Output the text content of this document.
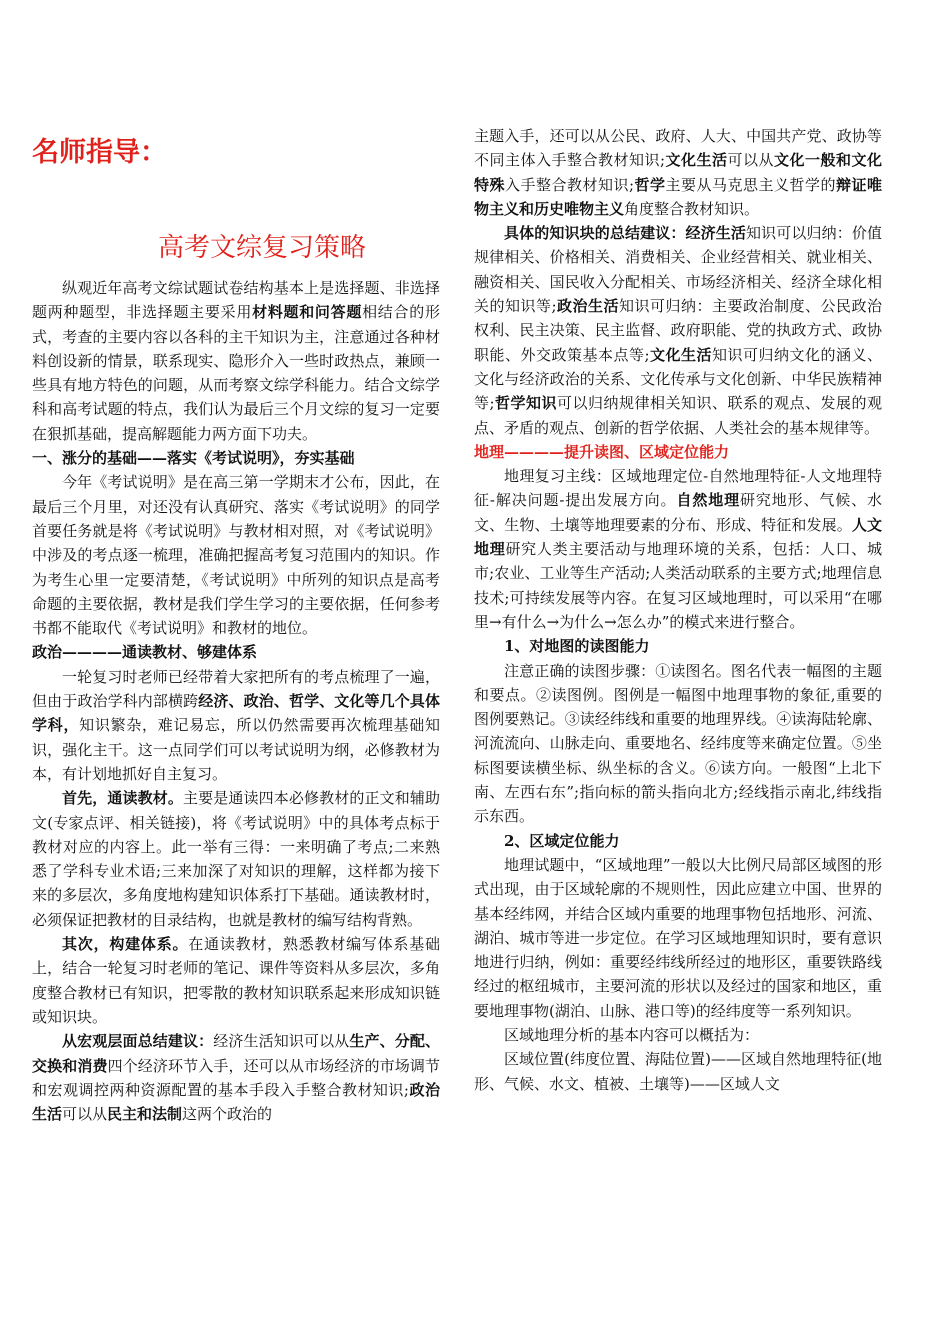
名师指导：
高考文综复习策略

纵观近年高考文综试题试卷结构基本上是选择题、非选择题两种题型，非选择题主要采用材料题和问答题相结合的形式，考查的主要内容以各科的主干知识为主，注意通过各种材料创设新的情景，联系现实、隐形介入一些时政热点，兼顾一些具有地方特色的问题，从而考察文综学科能力。结合文综学科和高考试题的特点，我们认为最后三个月文综的复习一定要在狠抓基础，提高解题能力两方面下功夫。

一、涨分的基础——落实《考试说明》，夯实基础

今年《考试说明》是在高三第一学期末才公布，因此，在最后三个月里，对还没有认真研究、落实《考试说明》的同学首要任务就是将《考试说明》与教材相对照，对《考试说明》中涉及的考点逐一梳理，准确把握高考复习范围内的知识。作为考生心里一定要清楚，《考试说明》中所列的知识点是高考命题的主要依据，教材是我们学生学习的主要依据，任何参考书都不能取代《考试说明》和教材的地位。

政治————通读教材、够建体系

一轮复习时老师已经带着大家把所有的考点梳理了一遍，但由于政治学科内部横跨经济、政治、哲学、文化等几个具体学科，知识繁杂，难记易忘，所以仍然需要再次梳理基础知识，强化主干。这一点同学们可以考试说明为纲，必修教材为本，有计划地抓好自主复习。

首先，通读教材。主要是通读四本必修教材的正文和辅助文(专家点评、相关链接)，将《考试说明》中的具体考点标于教材对应的内容上。此一举有三得：一来明确了考点;二来熟悉了学科专业术语;三来加深了对知识的理解，这样都为接下来的多层次，多角度地构建知识体系打下基础。通读教材时，必须保证把教材的目录结构，也就是教材的编写结构背熟。

其次，构建体系。在通读教材，熟悉教材编写体系基础上，结合一轮复习时老师的笔记、课件等资料从多层次，多角度整合教材已有知识，把零散的教材知识联系起来形成知识链或知识块。

从宏观层面总结建议：经济生活知识可以从生产、分配、交换和消费四个经济环节入手，还可以从市场经济的市场调节和宏观调控两种资源配置的基本手段入手整合教材知识;政治生活可以从民主和法制这两个政治的

主题入手，还可以从公民、政府、人大、中国共产党、政协等不同主体入手整合教材知识;文化生活可以从文化一般和文化特殊入手整合教材知识;哲学主要从马克思主义哲学的辩证唯物主义和历史唯物主义角度整合教材知识。

具体的知识块的总结建议：经济生活知识可以归纳：价值规律相关、价格相关、消费相关、企业经营相关、就业相关、融资相关、国民收入分配相关、市场经济相关、经济全球化相关的知识等;政治生活知识可归纳：主要政治制度、公民政治权利、民主决策、民主监督、政府职能、党的执政方式、政协职能、外交政策基本点等;文化生活知识可归纳文化的涵义、文化与经济政治的关系、文化传承与文化创新、中华民族精神等;哲学知识可以归纳规律相关知识、联系的观点、发展的观点、矛盾的观点、创新的哲学依据、人类社会的基本规律等。

地理————提升读图、区域定位能力

地理复习主线：区域地理定位-自然地理特征-人文地理特征-解决问题-提出发展方向。自然地理研究地形、气候、水文、生物、土壤等地理要素的分布、形成、特征和发展。人文地理研究人类主要活动与地理环境的关系，包括：人口、城市;农业、工业等生产活动;人类活动联系的主要方式;地理信息技术;可持续发展等内容。在复习区域地理时，可以采用“在哪里→有什么→为什么→怎么办”的模式来进行整合。

1、对地图的读图能力

注意正确的读图步骤：①读图名。图名代表一幅图的主题和要点。②读图例。图例是一幅图中地理事物的象征,重要的图例要熟记。③读经纬线和重要的地理界线。④读海陆轮廓、河流流向、山脉走向、重要地名、经纬度等来确定位置。⑤坐标图要读横坐标、纵坐标的含义。⑥读方向。一般图“上北下南、左西右东”;指向标的箭头指向北方;经线指示南北,纬线指示东西。

2、区域定位能力

地理试题中，“区域地理”一般以大比例尺局部区域图的形式出现，由于区域轮廓的不规则性，因此应建立中国、世界的基本经纬网，并结合区域内重要的地理事物包括地形、河流、湖泊、城市等进一步定位。在学习区域地理知识时，要有意识地进行归纳，例如：重要经纬线所经过的地形区，重要铁路线经过的枢纽城市，主要河流的形状以及经过的国家和地区，重要地理事物(湖泊、山脉、港口等)的经纬度等一系列知识。

区域地理分析的基本内容可以概括为：

区域位置(纬度位置、海陆位置)——区域自然地理特征(地形、气候、水文、植被、土壤等)——区域人文
